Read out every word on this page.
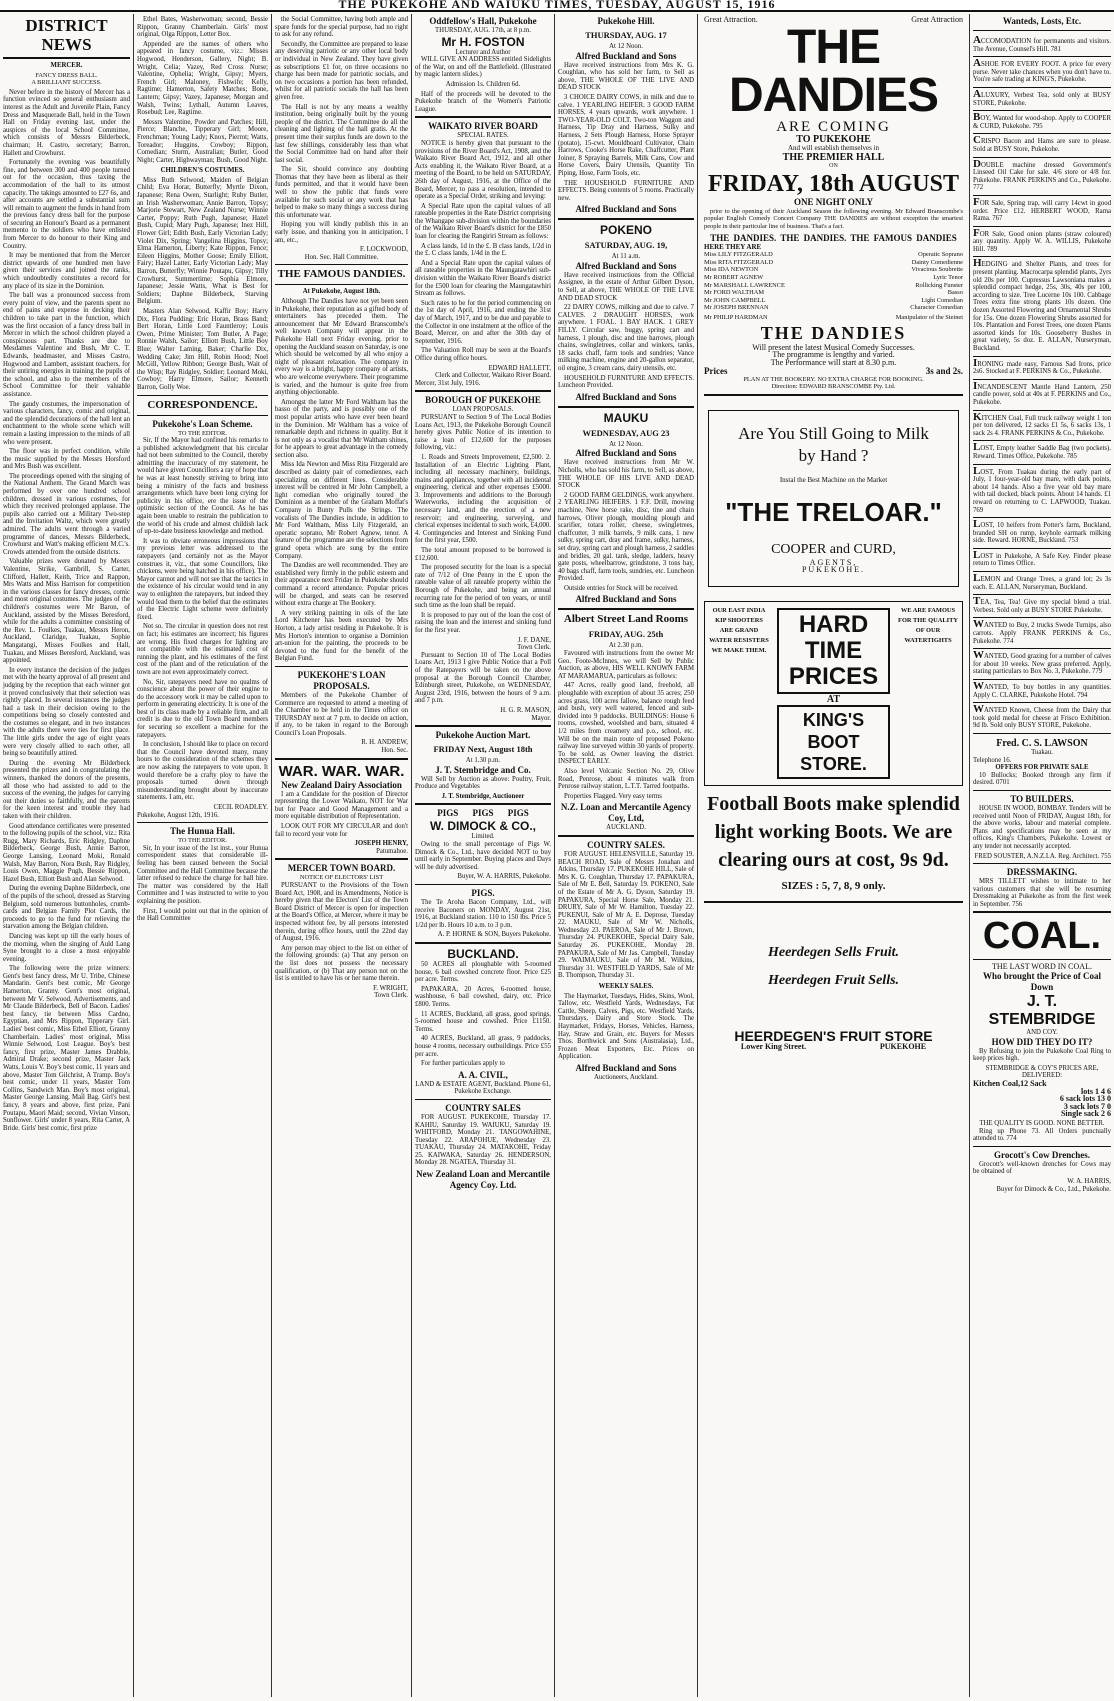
THE PUKEKOHE AND WAIUKU TIMES, TUESDAY, AUGUST 15, 1916
DISTRICT NEWS
MERCER.
FANCY DRESS BALL.
A BRILLIANT SUCCESS.

Never before in the history of Mercer has a function evinced so general enthusiasm and interest as the Adult and Juvenile Plain, Fancy Dress and Masquerade Ball, held in the Town Hall on Friday evening last, under the auspices of the local School Committee, which consists of Messrs Bilderbeck, chairman; H. Castro, secretary; Barron, Hallett and Crowhurst.

Fortunately the evening was beautifully fine, and between 300 and 400 people turned out for the occasion, thus taxing the accommodation of the hall to its utmost capacity. The takings amounted to £27 6s, and after accounts are settled a substantial sum will remain to augment the funds in hand from the previous fancy dress ball for the purpose of securing an Honour's Board as a permanent memento to the soldiers who have enlisted from Mercer to do honour to their King and Country.

It may be mentioned that from the Mercer district upwards of one hundred men have given their services and joined the ranks, which undoubtedly constitutes a record for any place of its size in the Dominion.

The ball was a pronounced success from every point of view, and the parents spent no end of pains and expense in decking their children to take part in the function, which was the first occasion of a fancy dress ball in Mercer in which the school children played a conspicuous part. Thanks are due to Mesdames Valentine and Bush, Mr C. T. Edwards, headmaster, and Misses Castro, Hogwood and Lambert, assistant teachers, for their untiring energies in training the pupils of the school, and also to the members of the School Committee for their valuable assistance.

The gaudy costumes, the impersonation of various characters, fancy, comic and original, and the splendid decorations of the hall lent an enchantment to the whole scene which will remain a lasting impression to the minds of all who were present.

The floor was in perfect condition, while the music supplied by the Messrs Horsford and Mrs Bush was excellent.

The proceedings opened with the singing of the National Anthem. The Grand March was performed by over one hundred school children, dressed in various costumes, for which they received prolonged applause. The pupils also carried out a Military Two-step and the Invitation Waltz, which were greatly admired. The adults went through a varied programme of dances, Messrs Bilderbeck, Crowhurst and Watt's making efficient M.C.'s. Crowds attended from the outside districts.

Valuable prizes were donated by Messrs Valentine, Strike, Gambrill, S. Carter, Clifford, Hallett, Keith, Trice and Rappon, Mrs Watts and Miss Harrison for competition in the various classes for fancy dresses, comic and most original costumes. The judges of the children's costumes were Mr Baron, of Auckland, assisted by the Misses Beresford, while for the adults a committee consisting of the Rev. L. Foulkes, Tuakau, Messrs Heron, Auckland, Claridge, Tuakau, Sophie Mangatangi, Misses Foulkes and Hall, Tuakau, and Misses Beresford, Auckland, was appointed.

In every instance the decision of the judges met with the hearty approval of all present and judging by the reception that each winner got it proved conclusively that their selection was rightly placed. In several instances the judges had a task in their decision owing to the competitions being so closely contested and the costumes so elegant, and in two instances with the adults there were ties for first place. The little girls under the age of eight years were very closely allied to each other, all being so beautifully attired.

During the evening Mr Bilderbeck presented the prizes and in congratulating the winners, thanked the donors of the presents, all those who had assisted to add to the success of the evening, the judges for carrying out their duties so faithfully, and the parents for the keen interest and trouble they had taken with their children.

Good attendance certificates were presented to the following pupils of the school, viz.: Rita Rugg, Mary Richards, Eric Ridgley, Daphne Bilderbeck, George Bush, Annie Barron, George Lansing, Leonard Moki, Ronald Walsh, May Barron, Nora Bush, Ray Ridgley, Louis Owen, Maggie Pugh, Bessie Rippon, Hazel Bush, Elliott Bush and Alan Selwood.

During the evening Daphne Bilderbeck, one of the pupils of the school, dressed as Starving Belgium, sold numerous buttonholes, crumb-cards and Belgian Family Plot Cards, the proceeds to go to the fund for relieving the starvation among the Belgian children.

Dancing was kept up till the early hours of the morning, when the singing of Auld Lang Syne brought to a close a most enjoyable evening.

The following were the prize winners: Gent's best fancy dress, Mr U. Tribe, Chinese Mandarin. Gent's best comic, Mr George Hamerton, Granny. Gent's most original, between Mr V. Selwood, Advertisements, and Mr Claude Bilderbeck, Bell of Bacon. Ladies' best fancy, tie between Miss Cardno, Egyptian, and Mrs Rippon, Tipperary Girl. Ladies' best comic, Miss Ethel Elliott, Granny Chamberlain. Ladies' most original, Miss Winnie Selwood, Lost League. Boy's best fancy, first prize, Master James Drabble, Admiral Drake; second prize, Master Jack Watts, Louis V. Boy's best comic, 11 years and above, Master Tom Gilchrist, A Tramp. Boy's best comic, under 11 years, Master Tom Collins, Sandwich Man. Boy's most original, Master George Lansing, Mail Bag. Girl's best fancy, 8 years and above, first prize, Pani Poutapu, Maori Maid; second, Vivian Vinson, Sunflower. Girls' under 8 years, Rita Carter, A Bride. Girls' best comic, first prize

Ethel Bates, Washerwoman; second, Bessie Rippon, Granny Chamberlain. Girls' most original, Olga Rippon, Letter Box.

Appended are the names of others who appeared in fancy costume, viz.: Misses Hogwood, Henderson, Gallery, Night; B. Wright, Celia; Vazey, Red Cross Nurse; Valentine, Ophelia; Wright, Gipsy; Myers, French Girl; Maloney, Fishwife; Kelly, Ragtime; Hamerton, Safety Matches; Bone, Lantern; Gipsy; Vazey, Japanese; Morgan and Walsh, Twins; Lythall, Autumn Leaves, Rosebud; Lee, Ragtime.

Messrs Valentine, Powder and Patches; Hill, Pierce; Blanche, Tipperary Girl; Moore, Frenchman; Young Lady; Knox, Pierrot; Watts, Toreador; Huggins, Cowboy; Rippon, Comedian; Sturm, Australian; Butler, Good Night; Carter, Highwayman; Bush, Good Night.

CHILDREN'S COSTUMES.

Miss Ruth Selwood, Maiden of Belgian Child; Eva Horar, Butterfly; Myrtle Dixon, Japanese; Rena Owen, Starlight; Ruby Butler, an Irish Washerwoman; Annie Barron, Topsy; Marjorie Stewart, New Zealand Nurse; Winnie Carter, Poppy; Ruth Pugh, Japanese; Hazel Bush, Cupid; Mary Pugh, Japanese; Inez Hill, Flower Girl; Edith Bush, Early Victorian Lady; Violet Dix, Spring; Vangelina Higgins, Topsy; Elma Hamerton, Liberty; Kate Rippon, Fence; Eileen Higgins, Mother Goose; Emily Elliott, Fairy; Hazel Latter, Early Victorian Lady; May Barron, Butterfly; Winnie Poutapu, Gipsy; Tilly Crowhurst, Summertime; Sophia Elmore, Japanese; Jessie Watts, What is Best for Soldiers; Daphne Bilderbeck, Starving Belgium.

Masters Alan Selwood, Kaffir Boy; Harry Dix, Flora Pudding; Eric Horan, Brass Band; Bert Horan, Little Lord Fauntleroy; Louis Owen, Prime Minister; Tom Butler, A Page; Ronnie Walsh, Sailor; Elliott Bush, Little Boy Blue; Walter Laming, Baker; Charlie Dix, Wedding Cake; Jim Hill, Robin Hood; Noel McGill, Yellow Ribbon; George Bush, Wait of the Wisp; Ray Ridgley, Soldier; Leonard Moki, Cowboy; Harry Elmore, Sailor; Kenneth Barron, Golly Woe.

CORRESPONDENCE.
Pukekohe's Loan Scheme.
TO THE EDITOR.

Sir, If the Mayor had confined his remarks to a published acknowledgment that his circular had not been submitted to the Council, thereby admitting the inaccuracy of my statement, he would have given Councillors a ray of hope that he was at least honestly striving to bring into being a ministry of the facts and business arrangements which have been long crying for publicity in his office, ere the issue of the optimistic section of the Council. As he has again been unable to restrain the publication to the world of his crude and almost childish lack of up-to-date business knowledge and method.

It was to obviate erroneous impressions that my previous letter was addressed to the ratepayers (and certainly not as the Mayor construes it, viz., that some Councillors, like chickens, were being hatched in his office). The Mayor cannot and will not see that the tactics in the existence of his circular would tend in any way to enlighten the ratepayers, but indeed they would lead them to the belief that the estimates of the Electric Light scheme were definitely fixed.

Not so. The circular in question does not rest on fact; his estimates are incorrect; his figures are wrong. His fixed charges for lighting are not compatible with the estimated cost of running the plant, and his estimates of the first cost of the plant and of the reticulation of the town are not even approximately correct.

No, Sir, ratepayers need have no qualms of conscience about the power of their engine to do the accessory work it may be called upon to perform in generating electricity. It is one of the best of its class made by a reliable firm, and all credit is due to the old Town Board members for securing so excellent a machine for the ratepayers.

In conclusion, I should like to place on record that the Council have devoted many, many hours to the consideration of the schemes they are now asking the ratepayers to vote upon. It would therefore be a crafty ploy to have the proposals turned down through misunderstanding brought about by inaccurate statements. I am, etc.

CECIL ROADLEY.
Pukekohe, August 12th, 1916.
The Hunua Hall.
TO THE EDITOR.

Sir, In your issue of the 1st inst., your Hunua correspondent states that considerable ill-feeling has been caused between the Social Committee and the Hall Committee because the latter refused to reduce the charge for hall hire. The matter was considered by the Hall Committee and I was instructed to write to you explaining the position.

First, I would point out that in the opinion of the Hall Committee

the Social Committee, having both ample and spare funds for the special purpose, had no right to ask for any refund.

Secondly, the Committee are prepared to lease any deserving patriotic or any other local body or individual in New Zealand. They have given as subscriptions £1 for, on three occasions no charge has been made for patriotic socials, and on two occasions a portion has been refunded, whilst for all patriotic socials the hall has been given free.

The Hall is not by any means a wealthy institution, being originally built by the young people of the district. The Committee do all the cleaning and lighting of the hall gratis. At the present time their surplus funds are down to the last few shillings, considerably less than what the Social Committee had on hand after their last social.

The Sir, should convince any doubting Thomas that they have been as liberal as their funds permitted, and that it would have been well to show the public that funds were available for such social or any work that has helped to make so many things a success during this unfortunate war.

Hoping you will kindly publish this in an early issue, and thanking you in anticipation, I am, etc.,

F. LOCKWOOD,
Hon. Sec. Hall Committee.
THE FAMOUS DANDIES.
At Pukekohe, August 18th.

Although The Dandies have not yet been seen in Pukekohe, their reputation as a gifted body of entertainers has preceded them. The announcement that Mr Edward Branscombe's well known Company will appear in the Pukekohe Hall next Friday evening, prior to opening the Auckland season on Saturday, is one which should be welcomed by all who enjoy a night of pleasant relaxation. The company in every way is a bright, happy company of artists, who are welcome everywhere. Their programme is varied, and the humour is quite free from anything objectionable.

Amongst the latter Mr Ford Waltham has the basso of the party, and is possibly one of the most popular artists who have ever been heard in the Dominion. Mr Waltham has a voice of remarkable depth and richness in quality. But it is not only as a vocalist that Mr Waltham shines, for he appears to great advantage in the comedy section also.

Miss Ida Newton and Miss Rita Fitzgerald are described as dainty pair of comediennes, each specializing on different lines. Considerable interest will be centred in Mr John Campbell, a light comedian who originally toured the Dominion as a member of the Graham Moffat's Company in Bunty Pulls the Strings. The vocalists of The Dandies include, in addition to Mr Ford Waltham, Miss Lily Fitzgerald, an operatic soprano, Mr Robert Agnew, tenor. A feature of the programme are the selections from grand opera which are sung by the entire Company.

The Dandies are well recommended. They are established very firmly in the public esteem and their appearance next Friday in Pukekohe should command a record attendance. Popular prices will be charged, and seats can be reserved without extra charge at The Bookery.

A very striking painting in oils of the late Lord Kitchener has been executed by Mrs Horton, a lady artist residing in Pukekohe. It is Mrs Horton's intention to organise a Dominion art-union for the painting, the proceeds to be devoted to the fund for the benefit of the Belgian Fund.

PUKEKOHE'S LOAN PROPOSALS.

Members of the Pukekohe Chamber of Commerce are requested to attend a meeting of the Chamber to be held in the Times office on THURSDAY next at 7 p.m. to decide on action, if any, to be taken in regard to the Borough Council's Loan Proposals.

R. H. ANDREW,
Hon. Sec.
WAR. WAR. WAR.
New Zealand Dairy Association

I am a Candidate for the position of Director representing the Lower Waikato, NOT for War but for Peace and Good Management and a more equitable distribution of Representation.

LOOK OUT FOR MY CIRCULAR and don't fail to record your vote for

JOSEPH HENRY,
Patumahoe.
MERCER TOWN BOARD.
NOTICE OF ELECTORS' LIST

PURSUANT to the Provisions of the Town Board Act, 1908, and its Amendments, Notice is hereby given that the Electors' List of the Town Board District of Mercer is open for inspection at the Board's Office, at Mercer, where it may be inspected without fee, by all persons interested therein, during office hours, until the 22nd day of August, 1916.

Any person may object to the list on either of the following grounds: (a) That any person on the list does not possess the necessary qualification, or (b) That any person not on the list is entitled to have his or her name therein.

F. WRIGHT,
Town Clerk.
Oddfellow's Hall, Pukekohe
THURSDAY, AUG. 17th, at 8 p.m.
Mr H. FOSTON
Lecturer and Author

WILL GIVE AN ADDRESS entitled Sidelights of the War, on and off the Battlefield. (Illustrated by magic lantern slides.)

Admission 1s. Children 6d.

Half of the proceeds will be devoted to the Pukekohe branch of the Women's Patriotic League.

WAIKATO RIVER BOARD
SPECIAL RATES.

NOTICE is hereby given that pursuant to the provisions of the River Board's Act, 1908, and the Waikato River Board Act, 1912, and all other Acts enabling it, the Waikato River Board, at a meeting of the Board, to be held on SATURDAY, 26th day of August, 1916, at the Office of the Board, Mercer, to pass a resolution, intended to operate as a Special Order, striking and levying:

A Special Rate upon the capital values of all rateable properties in the Rate District comprising the Whangape sub-division within the boundaries of the Waikato River Board's district for the £850 loan for clearing the Rangiriri Stream as follows:

A class lands, 1d in the £. B class lands, 1/2d in the £. C class lands, 1/4d in the £.

And a Special Rate upon the capital values of all rateable properties in the Maungatawhiri sub-division within the Waikato River Board's district for the £500 loan for clearing the Maungatawhiri Stream as follows.

Such rates to be for the period commencing on the 1st day of April, 1916, and ending the 31st day of March, 1917, and to be due and payable to the Collector in one instalment at the office of the Board, Mercer, on and after the 30th day of September, 1916.

The Valuation Roll may be seen at the Board's Office during office hours.

EDWARD HALLETT,
Clerk and Collector, Waikato River Board.
Mercer, 31st July, 1916.
BOROUGH OF PUKEKOHE
LOAN PROPOSALS.

PURSUANT to Section 9 of The Local Bodies Loans Act, 1913, the Pukekohe Borough Council hereby gives Public Notice of its intention to raise a loan of £12,600 for the purposes following, viz.:

1. Roads and Streets Improvement, £2,500. 2. Installation of an Electric Lighting Plant, including all necessary machinery, buildings, mains and appliances, together with all incidental engineering, clerical and other expenses £5000. 3. Improvements and additions to the Borough Waterworks, including the acquisition of necessary land, and the erection of a new reservoir; and engineering, surveying, and clerical expenses incidental to such work, £4,000. 4. Contingencies and Interest and Sinking Fund for the first year, £500.

The total amount proposed to be borrowed is £12,600.

The proposed security for the loan is a special rate of 7/12 of One Penny in the £ upon the rateable value of all rateable property within the Borough of Pukekohe, and being an annual recurring rate for the period of ten years, or until such time as the loan shall be repaid.

It is proposed to pay out of the loan the cost of raising the loan and the interest and sinking fund for the first year.

J. F. DANE,
Town Clerk.

Pursuant to Section 10 of The Local Bodies Loans Act, 1913 I give Public Notice that a Poll of the Ratepayers will be taken on the above proposal at the Borough Council Chamber, Edinburgh street, Pukekohe, on WEDNESDAY, August 23rd, 1916, between the hours of 9 a.m. and 7 p.m.

H. G. R. MASON,
Mayor.
Pukekohe Auction Mart.
FRIDAY Next, August 18th
At 1.30 p.m.
J. T. Stembridge and Co.

Will Sell by Auction as above: Poultry, Fruit, Produce and Vegetables

J. T. Stembridge, Auctioneer
PIGS PIGS PIGS
W. DIMOCK & CO.,
Limited.

Owing to the small percentage of Pigs W. Dimock & Co., Ltd., have decided NOT to buy until early in September. Buying places and Days will be duly advertised.

Buyer, W. A. HARRIS, Pukekohe.
PIGS.

The Te Aroha Bacon Company, Ltd., will receive Baconers on MONDAY, August 21st, 1916, at Buckland station. 110 to 150 lbs. Price 5 1/2d per lb. Hours 10 a.m. to 3 p.m.

A. P. HORNE & SON, Buyers Pukekohe.
BUCKLAND.

50 ACRES all ploughable with 5-roomed house, 6 bail cowshed concrete floor. Price £25 per acre. Terms.

PAPAKARA, 20 Acres, 6-roomed house, washhouse, 6 bail cowshed, dairy, etc. Price £800. Terms.

11 ACRES, Buckland, all grass, good springs, 5-roomed house and cowshed. Price £1150. Terms.

40 ACRES, Buckland, all grass, 9 paddocks, house 4 rooms, necessary outbuildings. Price £55 per acre.

For further particulars apply to

A. A. CIVIL,
LAND & ESTATE AGENT, Buckland. Phone 61, Pukekohe Exchange.
COUNTRY SALES

FOR AUGUST. PUKEKOHE, Thursday 17. KAHIU, Saturday 19. WAIUKU, Saturday 19. WHITFORD, Monday 21. TANGOWAHINE, Tuesday 22. ARAPOHUE, Wednesday 23. TUAKAU, Thursday 24. MATAKOHE, Friday 25. KAIWAKA, Saturday 26. HENDERSON, Monday 28. NGATEA, Thursday 31.

New Zealand Loan and Mercantile Agency Coy. Ltd.
Pukekohe Hill.
THURSDAY, AUG. 17
At 12 Noon.
Alfred Buckland and Sons

Have received instructions from Mrs K. G. Coughlan, who has sold her farm, to Sell as above, THE WHOLE OF THE LIVE AND DEAD STOCK

3 CHOICE DAIRY COWS, in milk and due to calve. 1 YEARLING HEIFER. 3 GOOD FARM HORSES, 4 years upwards, work anywhere. 1 TWO-YEAR-OLD COLT. Two-ton Waggon and Harness, Tip Dray and Harness, Sulky and Harness, 2 Sets Plough Harness, Horse Sprayer (potato), 15-cwt. Mouldboard Cultivator, Chain Harrows, Cooke's Horse Rake, Chaffcutter, Plant Joiner, 8 Spraying Barrels, Milk Cans, Cow and Horse Covers, Dairy Utensils, Quantity Tin Piping, Hose, Farm Tools, etc.

THE HOUSEHOLD FURNITURE AND EFFECTS. Being contents of 5 rooms. Practically new.

Alfred Buckland and Sons
POKENO
SATURDAY, AUG. 19,
At 11 a.m.
Alfred Buckland and Sons

Have received instructions from the Official Assignee, in the estate of Arthur Gilbert Dyson, to Sell, at above, THE WHOLE OF THE LIVE AND DEAD STOCK

22 DAIRY COWS, milking and due to calve. 7 CALVES. 2 DRAUGHT HORSES, work anywhere. 1 FOAL. 1 BAY HACK. 1 GREY FILLY. Circular saw, buggy, spring cart and harness, 1 plough, disc and tine harrows, plough chains, swingletrees, collar and winkers, tanks, 18 sacks chaff, farm tools and sundries; Vance milking machine, engine and 20-gallon separator, oil engine, 3 cream cans, dairy utensils, etc.

HOUSEHOLD FURNITURE AND EFFECTS. Luncheon Provided.

Alfred Buckland and Sons
MAUKU
WEDNESDAY, AUG 23
At 12 Noon.
Alfred Buckland and Sons

Have received instructions from Mr W. Nicholls, who has sold his farm, to Sell, as above, THE WHOLE OF HIS LIVE AND DEAD STOCK

2 GOOD FARM GELDINGS, work anywhere. 2 YEARLING HEIFERS. 1 F.F. Drill, mowing machine, New horse rake, disc, tine and chain harrows, Oliver plough, moulding plough and scarifier, totara roller, cheese, swingletrees, chaffcutter, 3 milk barrels, 9 milk cans, 1 new sulky, spring cart, dray and frame, sulky, harness, set dray, spring cart and plough harness, 2 saddles and bridles, 20 gal. tank, sledge, ladders, heavy gate posts, wheelbarrow, grindstone, 3 tons hay, 40 bags chaff, farm tools, sundries, etc. Luncheon Provided.

Outside entries for Stock will be received.

Alfred Buckland and Sons
Albert Street Land Rooms
FRIDAY, AUG. 25th
At 2.30 p.m.

Favoured with instructions from the owner Mr Geo. Foote-McInnes, we will Sell by Public Auction, as above, HIS WELL KNOWN FARM AT MARAMARUA, particulars as follows:

447 Acres, really good land, freehold, all ploughable with exception of about 35 acres; 250 acres grass, 100 acres fallow, balance rough feed and bush, very well watered, fenced and sub-divided into 9 paddocks. BUILDINGS: House 6 rooms, cowshed, woolshed and barn, situated 4 1/2 miles from creamery and p.o., school, etc. Will be on the main route of proposed Pokeno railway line surveyed within 30 yards of property. To be sold, as Owner leaving the district. INSPECT EARLY.

Also level Volcanic Section No. 29, Olive Road, Penrose, about 4 minutes walk from Penrose railway station, L.T.T. Tarred footpaths.

Properties Flagged. Very easy terms

N.Z. Loan and Mercantile Agency Coy, Ltd,
AUCKLAND.
COUNTRY SALES.

FOR AUGUST. HELENSVILLE, Saturday 19. BEACH ROAD, Sale of Messrs Jonahan and Atkins, Thursday 17. PUKEKOHE HILL, Sale of Mrs K. G. Coughlan, Thursday 17. PAPAKURA, Sale of Mr E. Bell, Saturday 19. POKENO, Sale of the Estate of Mr A. G. Dyson, Saturday 19. PAPAKURA, Special Horse Sale, Monday 21. DRURY, Sale of Mr W. Hamilton, Tuesday 22. PUKENUI, Sale of Mr A. E. Deprose, Tuesday 22. MAUKU, Sale of Mr W. Nicholls, Wednesday 23. PAEROA, Sale of Mr J. Brown, Thursday 24. PUKEKOHE, Special Dairy Sale, Saturday 26. PUKEKOHE, Monday 28. PAPAKURA, Sale of Mr Jas. Campbell, Tuesday 29. WAIMAUKU, Sale of Mr M. Wilkins, Thursday 31. WESTFIELD YARDS, Sale of Mr B. Thompson, Thursday 31.

WEEKLY SALES.

The Haymarket, Tuesdays, Hides, Skins, Wool, Tallow, etc. Westfield Yards, Wednesdays, Fat Cattle, Sheep, Calves, Pigs, etc. Westfield Yards, Thursdays, Dairy and Store Stock. The Haymarket, Fridays, Horses, Vehicles, Harness, Hay, Straw and Grain, etc. Buyers for Messrs Thos. Borthwick and Sons (Australasia), Ltd., Frozen Meat Exporters, Etc. Prices on Application.

Alfred Buckland and Sons
Auctioneers, Auckland.
Great Attraction.	Great Attraction
THE DANDIES
ARE COMING
TO PUKEKOHE
And will establish themselves in
THE PREMIER HALL
ON
FRIDAY, 18th AUGUST
ONE NIGHT ONLY

prior to the opening of their Auckland Season the following evening. Mr Edward Branscombe's popular English Comedy Concert Company THE DANDIES are without exception the smartest people in their particular line of business. That's a fact.

THE DANDIES. THE DANDIES. THE FAMOUS DANDIES
HERE THEY ARE
Miss LILY FITZGERALD
Miss RITA FITZGERALD
Miss IDA NEWTON
Mr ROBERT AGNEW
Mr MARSHALL LAWRENCE
Mr FORD WALTHAM
Mr JOHN CAMPBELL
Mr JOSEPH BRENNAN
Operatic Soprano
Dainty Comedienne
Vivacious Soubrette
Lyric Tenor
Rollicking Funster
Basso
Light Comedian
Character Comedian
Mr PHILIP HARDMAN	Manipulator of the Steinet
THE DANDIES
Will present the latest Musical Comedy Successes.
The programme is lengthy and varied.
The Performance will start at 8.30 p.m.
Prices	3s and 2s.
PLAN AT THE BOOKERY. NO EXTRA CHARGE FOR BOOKING.
Direction: EDWARD BRANSCOMBE Pty. Ltd.
Are You Still Going to Milk
by Hand ?
Instal the Best Machine on the Market
"THE TRELOAR."
COOPER and CURD,
AGENTS,
PUKEKOHE.
OUR EAST INDIA KIP SHOOTERS ARE GRAND WATER RESISTERS WE MAKE THEM.
HARD TIME PRICES
AT
KING'S BOOT STORE.
WE ARE FAMOUS FOR THE QUALITY OF OUR WATERTIGHTS
Football Boots make splendid
light working Boots. We are
clearing ours at cost, 9s 9d.
SIZES : 5, 7, 8, 9 only.
Heerdegen Sells Fruit.
Heerdegen Fruit Sells.
HEERDEGEN'S FRUIT STORE
Lower King Street.	PUKEKOHE
Wanteds, Losts, Etc.
ACCOMODATION for permanents and visitors. The Avenue, Counsel's Hill. 781
ASHOE FOR EVERY FOOT. A price for every purse. Never take chances when you don't have to. You're safe trading at KING'S, Pukekohe.
ALUXURY, Verbest Tea, sold only at BUSY STORE, Pukekohe.
BOY, Wanted for wood-shop. Apply to COOPER & CURD, Pukekohe. 795
CRISPO Bacon and Hams are sure to please. Sold at BUSY Store, Pukekohe.
DOUBLE machine dressed Government's Linseed Oil Cake for sale. 4/6 store or 4/8 for. Pukekohe. FRANK PERKINS and Co., Pukekohe. 772
FOR Sale, Spring trap, will carry 14cwt in good order. Price £12. HERBERT WOOD, Rama Rama. 767
FOR Sale, Good onion plants (straw coloured) any quantity. Apply W. A. WILLIS, Pukekohe Hill. 789
HEDGING and Shelter Plants, and trees for present planting. Macrocarpa splendid plants, 2yrs old 20s per 100. Cupressus Lawsoniana makes a splendid compact hedge, 25s, 30s, 40s per 100, according to size. Tree Lucerne 10s 100. Cabbage Trees extra fine strong plants 10s dozen. One dozen Assorted Flowering and Ornamental Shrubs for 15s. One dozen Flowering Shrubs assorted for 10s. Plantation and Forest Trees, one dozen Plants assorted kinds for 10s. Gooseberry Bushes in great variety, 5s doz. E. ALLAN, Nurseryman, Buckland.
IRONING made easy, Famous Sad Irons, price 2s6. Stocked at F. PERKINS & Co., Pukekohe.
INCANDESCENT Mantle Hand Lantern, 250 candle power, sold at 40s at F. PERKINS and Co., Pukekohe.
KITCHEN Coal, Full truck railway weight 1 ton per ton delivered, 12 sacks £1 5s, 6 sacks 13s, 1 sack 2s 4. FRANK PERKINS & Co., Pukekohe.
LOST, Empty leather Saddle Bag (two pockets). Reward. Times Office, Pukekohe. 785
LOST, From Tuakau during the early part of July, 1 four-year-old bay mare, with dark points, about 14 hands. Also a five year old bay mare with tail docked, black points. About 14 hands. £1 reward on returning to C. LAPWOOD, Tuakau. 769
LOST, 10 heifers from Potter's farm, Buckland, branded SH on rump, keyhole earmark milking side. Reward. HORNE, Buckland. 753
LOST in Pukekohe, A Safe Key. Finder please return to Times Office.
LEMON and Orange Trees, a grand lot; 2s 3s each. E. ALLAN, Nurseryman, Buckland.
TEA, Tea, Tea! Give my special blend a trial. Verbest. Sold only at BUSY STORE Pukekohe.
WANTED to Buy, 2 trucks Swede Turnips, also carrots. Apply FRANK PERKINS & Co., Pukekohe. 774
WANTED, Good grazing for a number of calves for about 10 weeks. New grass preferred. Apply, stating particulars to Box No. 3, Pukekohe. 779
WANTED, To buy bottles in any quantities. Apply C. CLARKE, Pukekohe Hotel. 794
WANTED Known, Cheese from the Dairy that took gold medal for cheese at Frisco Exhibition. 9d lb. Sold only BUSY STORE, Pukekohe.
Fred. C. S. LAWSON
Tuakau.
Telephone 16.
OFFERS FOR PRIVATE SALE

10 Bullocks; Booked through any firm if desired. 0701

TO BUILDERS.

HOUSE IN WOOD, BOMBAY. Tenders will be received until Noon of FRIDAY, August 18th, for the above works, labour and material complete. Plans and specifications may be seen at my offices, King's Chambers, Pukekohe. Lowest or any tender not necessarily accepted.

FRED SOUSTER, A.N.Z.I.A. Reg. Architect. 755
DRESSMAKING.

MRS TILLETT wishes to intimate to her various customers that she will be resuming Dressmaking at Pukekohe as from the first week in September. 756

COAL.
THE LAST WORD IN COAL.
Who brought the Price of Coal Down
J. T. STEMBRIDGE
AND COY.
HOW DID THEY DO IT?

By Refusing to join the Pukekohe Coal Ring to keep prices high.

STEMBRIDGE & COY'S PRICES ARE, DELIVERED:
Kitchen Coal,12 Sack
lots 1 4 6
6 sack lots 13 0
3 sack lots 7 0
Single sack 2 6
THE QUALITY IS GOOD. NONE BETTER.

Ring up Phone 73. All Orders punctually attended to. 774

Grocott's Cow Drenches.

Grocott's well-known drenches for Cows may be obtained of

W. A. HARRIS,
Buyer for Dimock & Co., Ltd., Pukekohe.
